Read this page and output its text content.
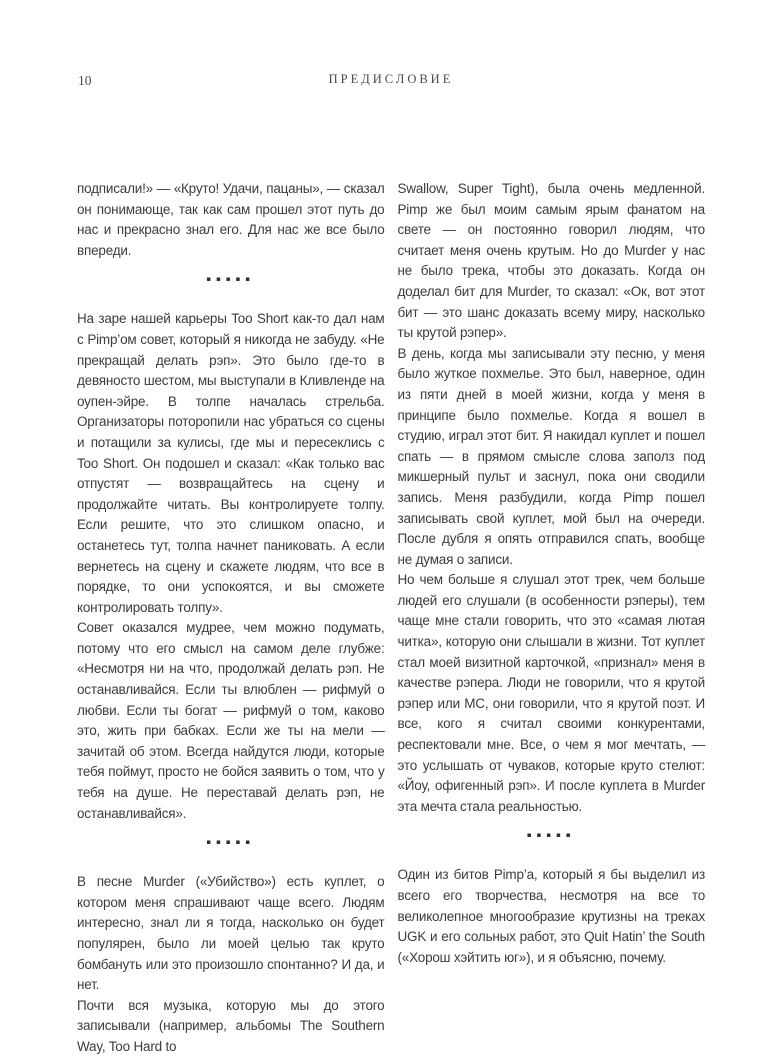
10	ПРЕДИСЛОВИЕ

подписали!» — «Круто! Удачи, пацаны», — сказал он понимающе, так как сам прошел этот путь до нас и прекрасно знал его. Для нас же все было впереди.

▪▪▪▪▪

На заре нашей карьеры Too Short как-то дал нам с Pimp’ом совет, который я никогда не забуду. «Не прекращай делать рэп». Это было где-то в девяносто шестом, мы выступали в Кливленде на оупен-эйре. В толпе началась стрельба. Организаторы поторопили нас убраться со сцены и потащили за кулисы, где мы и пересеклись с Too Short. Он подошел и сказал: «Как только вас отпустят — возвращайтесь на сцену и продолжайте читать. Вы контролируете толпу. Если решите, что это слишком опасно, и останетесь тут, толпа начнет паниковать. А если вернетесь на сцену и скажете людям, что все в порядке, то они успокоятся, и вы сможете контролировать толпу».

Совет оказался мудрее, чем можно подумать, потому что его смысл на самом деле глубже: «Несмотря ни на что, продолжай делать рэп. Не останавливайся. Если ты влюблен — рифмуй о любви. Если ты богат — рифмуй о том, каково это, жить при бабках. Если же ты на мели — зачитай об этом. Всегда найдутся люди, которые тебя поймут, просто не бойся заявить о том, что у тебя на душе. Не переставай делать рэп, не останавливайся».

▪▪▪▪▪

В песне Murder («Убийство») есть куплет, о котором меня спрашивают чаще всего. Людям интересно, знал ли я тогда, насколько он будет популярен, было ли моей целью так круто бомбануть или это произошло спонтанно? И да, и нет.

Почти вся музыка, которую мы до этого записывали (например, альбомы The Southern Way, Too Hard to

Swallow, Super Tight), была очень медленной. Pimp же был моим самым ярым фанатом на свете — он постоянно говорил людям, что считает меня очень крутым. Но до Murder у нас не было трека, чтобы это доказать. Когда он доделал бит для Murder, то сказал: «Ок, вот этот бит — это шанс доказать всему миру, насколько ты крутой рэпер».

В день, когда мы записывали эту песню, у меня было жуткое похмелье. Это был, наверное, один из пяти дней в моей жизни, когда у меня в принципе было похмелье. Когда я вошел в студию, играл этот бит. Я накидал куплет и пошел спать — в прямом смысле слова заполз под микшерный пульт и заснул, пока они сводили запись. Меня разбудили, когда Pimp пошел записывать свой куплет, мой был на очереди. После дубля я опять отправился спать, вообще не думая о записи.

Но чем больше я слушал этот трек, чем больше людей его слушали (в особенности рэперы), тем чаще мне стали говорить, что это «самая лютая читка», которую они слышали в жизни. Тот куплет стал моей визитной карточкой, «признал» меня в качестве рэпера. Люди не говорили, что я крутой рэпер или MC, они говорили, что я крутой поэт. И все, кого я считал своими конкурентами, респектовали мне. Все, о чем я мог мечтать, — это услышать от чуваков, которые круто стелют: «Йоу, офигенный рэп». И после куплета в Murder эта мечта стала реальностью.

▪▪▪▪▪

Один из битов Pimp’а, который я бы выделил из всего его творчества, несмотря на все то великолепное многообразие крутизны на треках UGK и его сольных работ, это Quit Hatin’ the South («Хорош хэйтить юг»), и я объясню, почему.
